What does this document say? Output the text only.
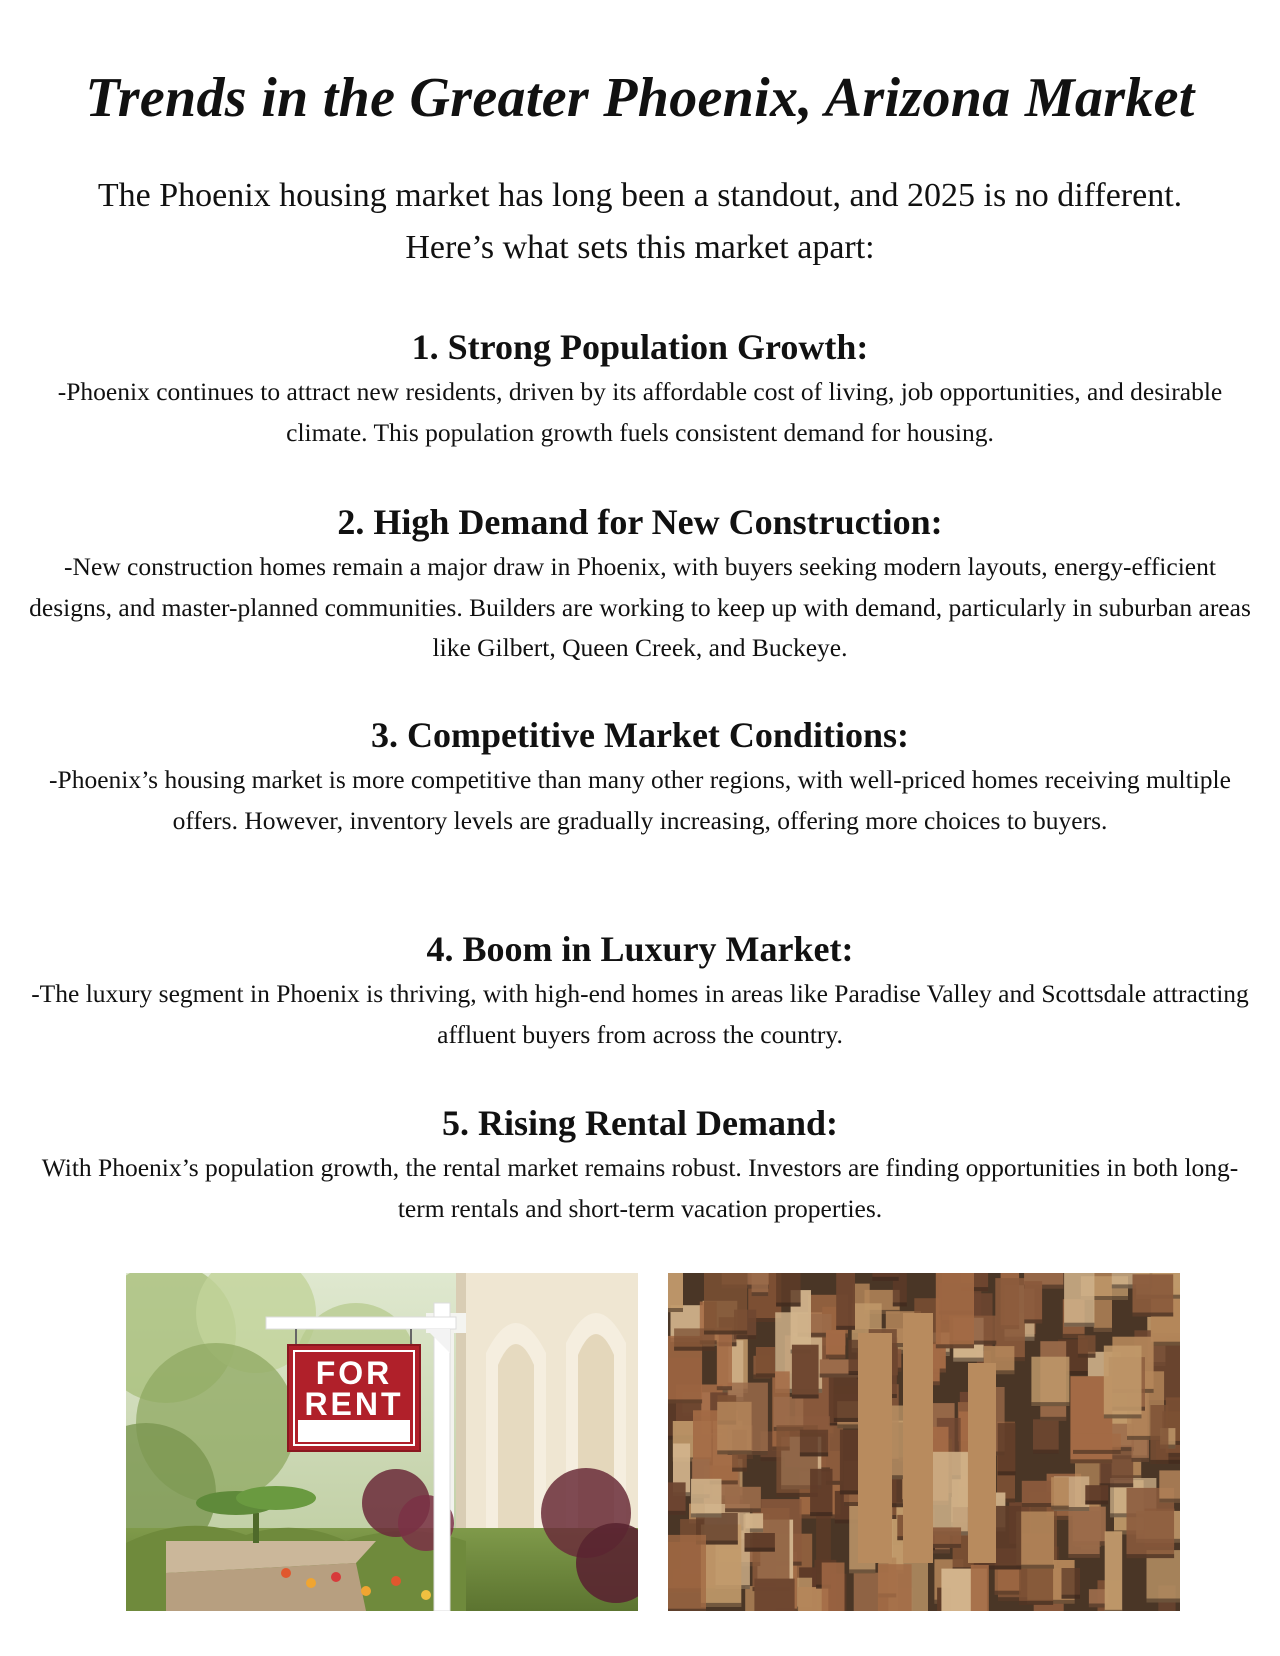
Trends in the Greater Phoenix, Arizona Market

The Phoenix housing market has long been a standout, and 2025 is no different. Here’s what sets this market apart:

1. Strong Population Growth:

-Phoenix continues to attract new residents, driven by its affordable cost of living, job opportunities, and desirable climate. This population growth fuels consistent demand for housing.

2. High Demand for New Construction:

-New construction homes remain a major draw in Phoenix, with buyers seeking modern layouts, energy-efficient designs, and master-planned communities. Builders are working to keep up with demand, particularly in suburban areas like Gilbert, Queen Creek, and Buckeye.

3. Competitive Market Conditions:

-Phoenix’s housing market is more competitive than many other regions, with well-priced homes receiving multiple offers. However, inventory levels are gradually increasing, offering more choices to buyers.

4. Boom in Luxury Market:

-The luxury segment in Phoenix is thriving, with high-end homes in areas like Paradise Valley and Scottsdale attracting affluent buyers from across the country.

5. Rising Rental Demand:

With Phoenix’s population growth, the rental market remains robust. Investors are finding opportunities in both long-term rentals and short-term vacation properties.

FOR
RENT
